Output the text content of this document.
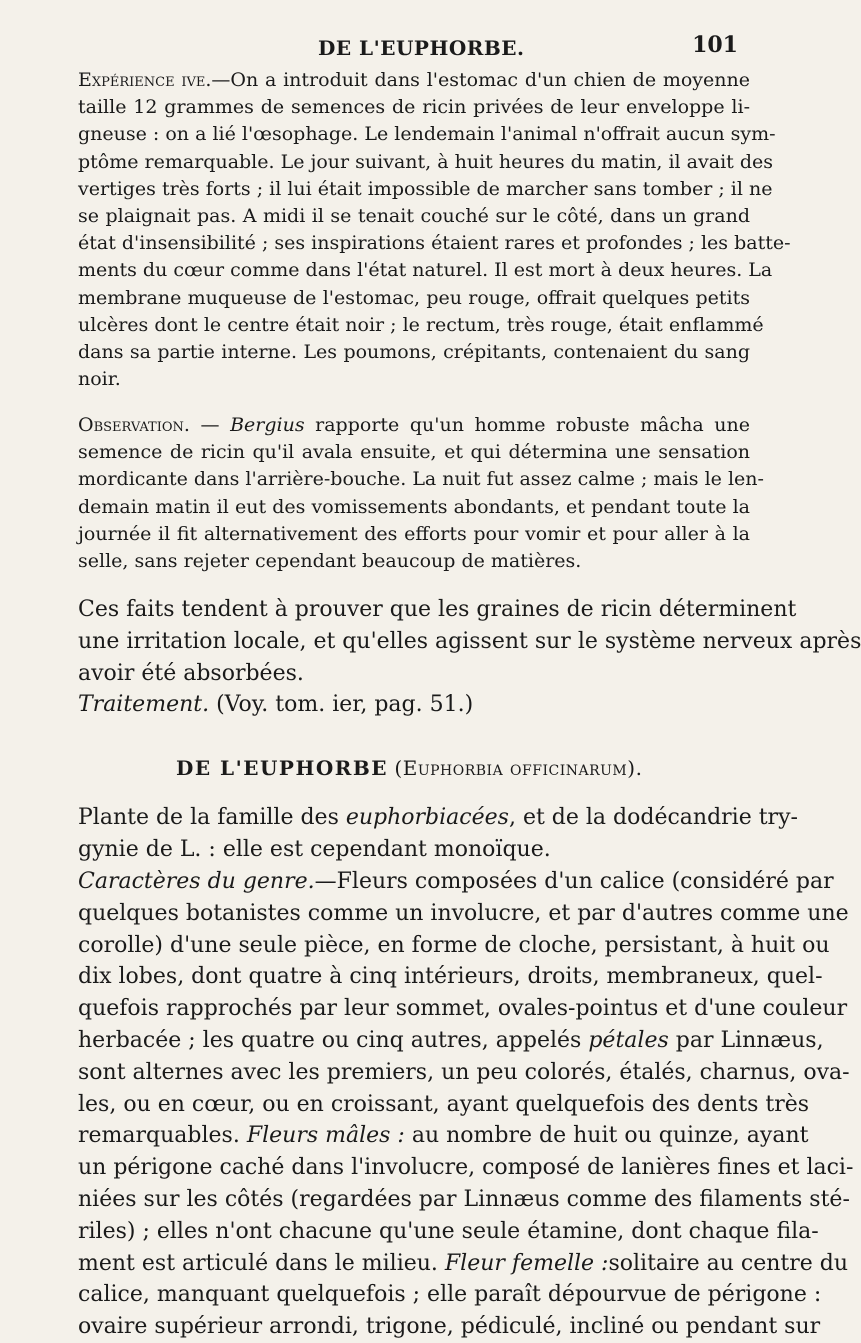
DE L'EUPHORBE.	101
Expérience ive.—On a introduit dans l'estomac d'un chien de moyenne
taille 12 grammes de semences de ricin privées de leur enveloppe li-
gneuse : on a lié l'œsophage. Le lendemain l'animal n'offrait aucun sym-
ptôme remarquable. Le jour suivant, à huit heures du matin, il avait des
vertiges très forts ; il lui était impossible de marcher sans tomber ; il ne
se plaignait pas. A midi il se tenait couché sur le côté, dans un grand
état d'insensibilité ; ses inspirations étaient rares et profondes ; les batte-
ments du cœur comme dans l'état naturel. Il est mort à deux heures. La
membrane muqueuse de l'estomac, peu rouge, offrait quelques petits
ulcères dont le centre était noir ; le rectum, très rouge, était enflammé
dans sa partie interne. Les poumons, crépitants, contenaient du sang
noir.
Observation. — Bergius rapporte qu'un homme robuste mâcha une
semence de ricin qu'il avala ensuite, et qui détermina une sensation
mordicante dans l'arrière-bouche. La nuit fut assez calme ; mais le len-
demain matin il eut des vomissements abondants, et pendant toute la
journée il fit alternativement des efforts pour vomir et pour aller à la
selle, sans rejeter cependant beaucoup de matières.
Ces faits tendent à prouver que les graines de ricin déterminent
une irritation locale, et qu'elles agissent sur le système nerveux après
avoir été absorbées.
Traitement. (Voy. tom. ier, pag. 51.)
DE L'EUPHORBE (Euphorbia officinarum).
Plante de la famille des euphorbiacées, et de la dodécandrie try-
gynie de L. : elle est cependant monoïque.
Caractères du genre.—Fleurs composées d'un calice (considéré par
quelques botanistes comme un involucre, et par d'autres comme une
corolle) d'une seule pièce, en forme de cloche, persistant, à huit ou
dix lobes, dont quatre à cinq intérieurs, droits, membraneux, quel-
quefois rapprochés par leur sommet, ovales-pointus et d'une couleur
herbacée ; les quatre ou cinq autres, appelés pétales par Linnæus,
sont alternes avec les premiers, un peu colorés, étalés, charnus, ova-
les, ou en cœur, ou en croissant, ayant quelquefois des dents très
remarquables. Fleurs mâles : au nombre de huit ou quinze, ayant
un périgone caché dans l'involucre, composé de lanières fines et laci-
niées sur les côtés (regardées par Linnæus comme des filaments sté-
riles) ; elles n'ont chacune qu'une seule étamine, dont chaque fila-
ment est articulé dans le milieu. Fleur femelle :solitaire au centre du
calice, manquant quelquefois ; elle paraît dépourvue de périgone :
ovaire supérieur arrondi, trigone, pédiculé, incliné ou pendant sur
